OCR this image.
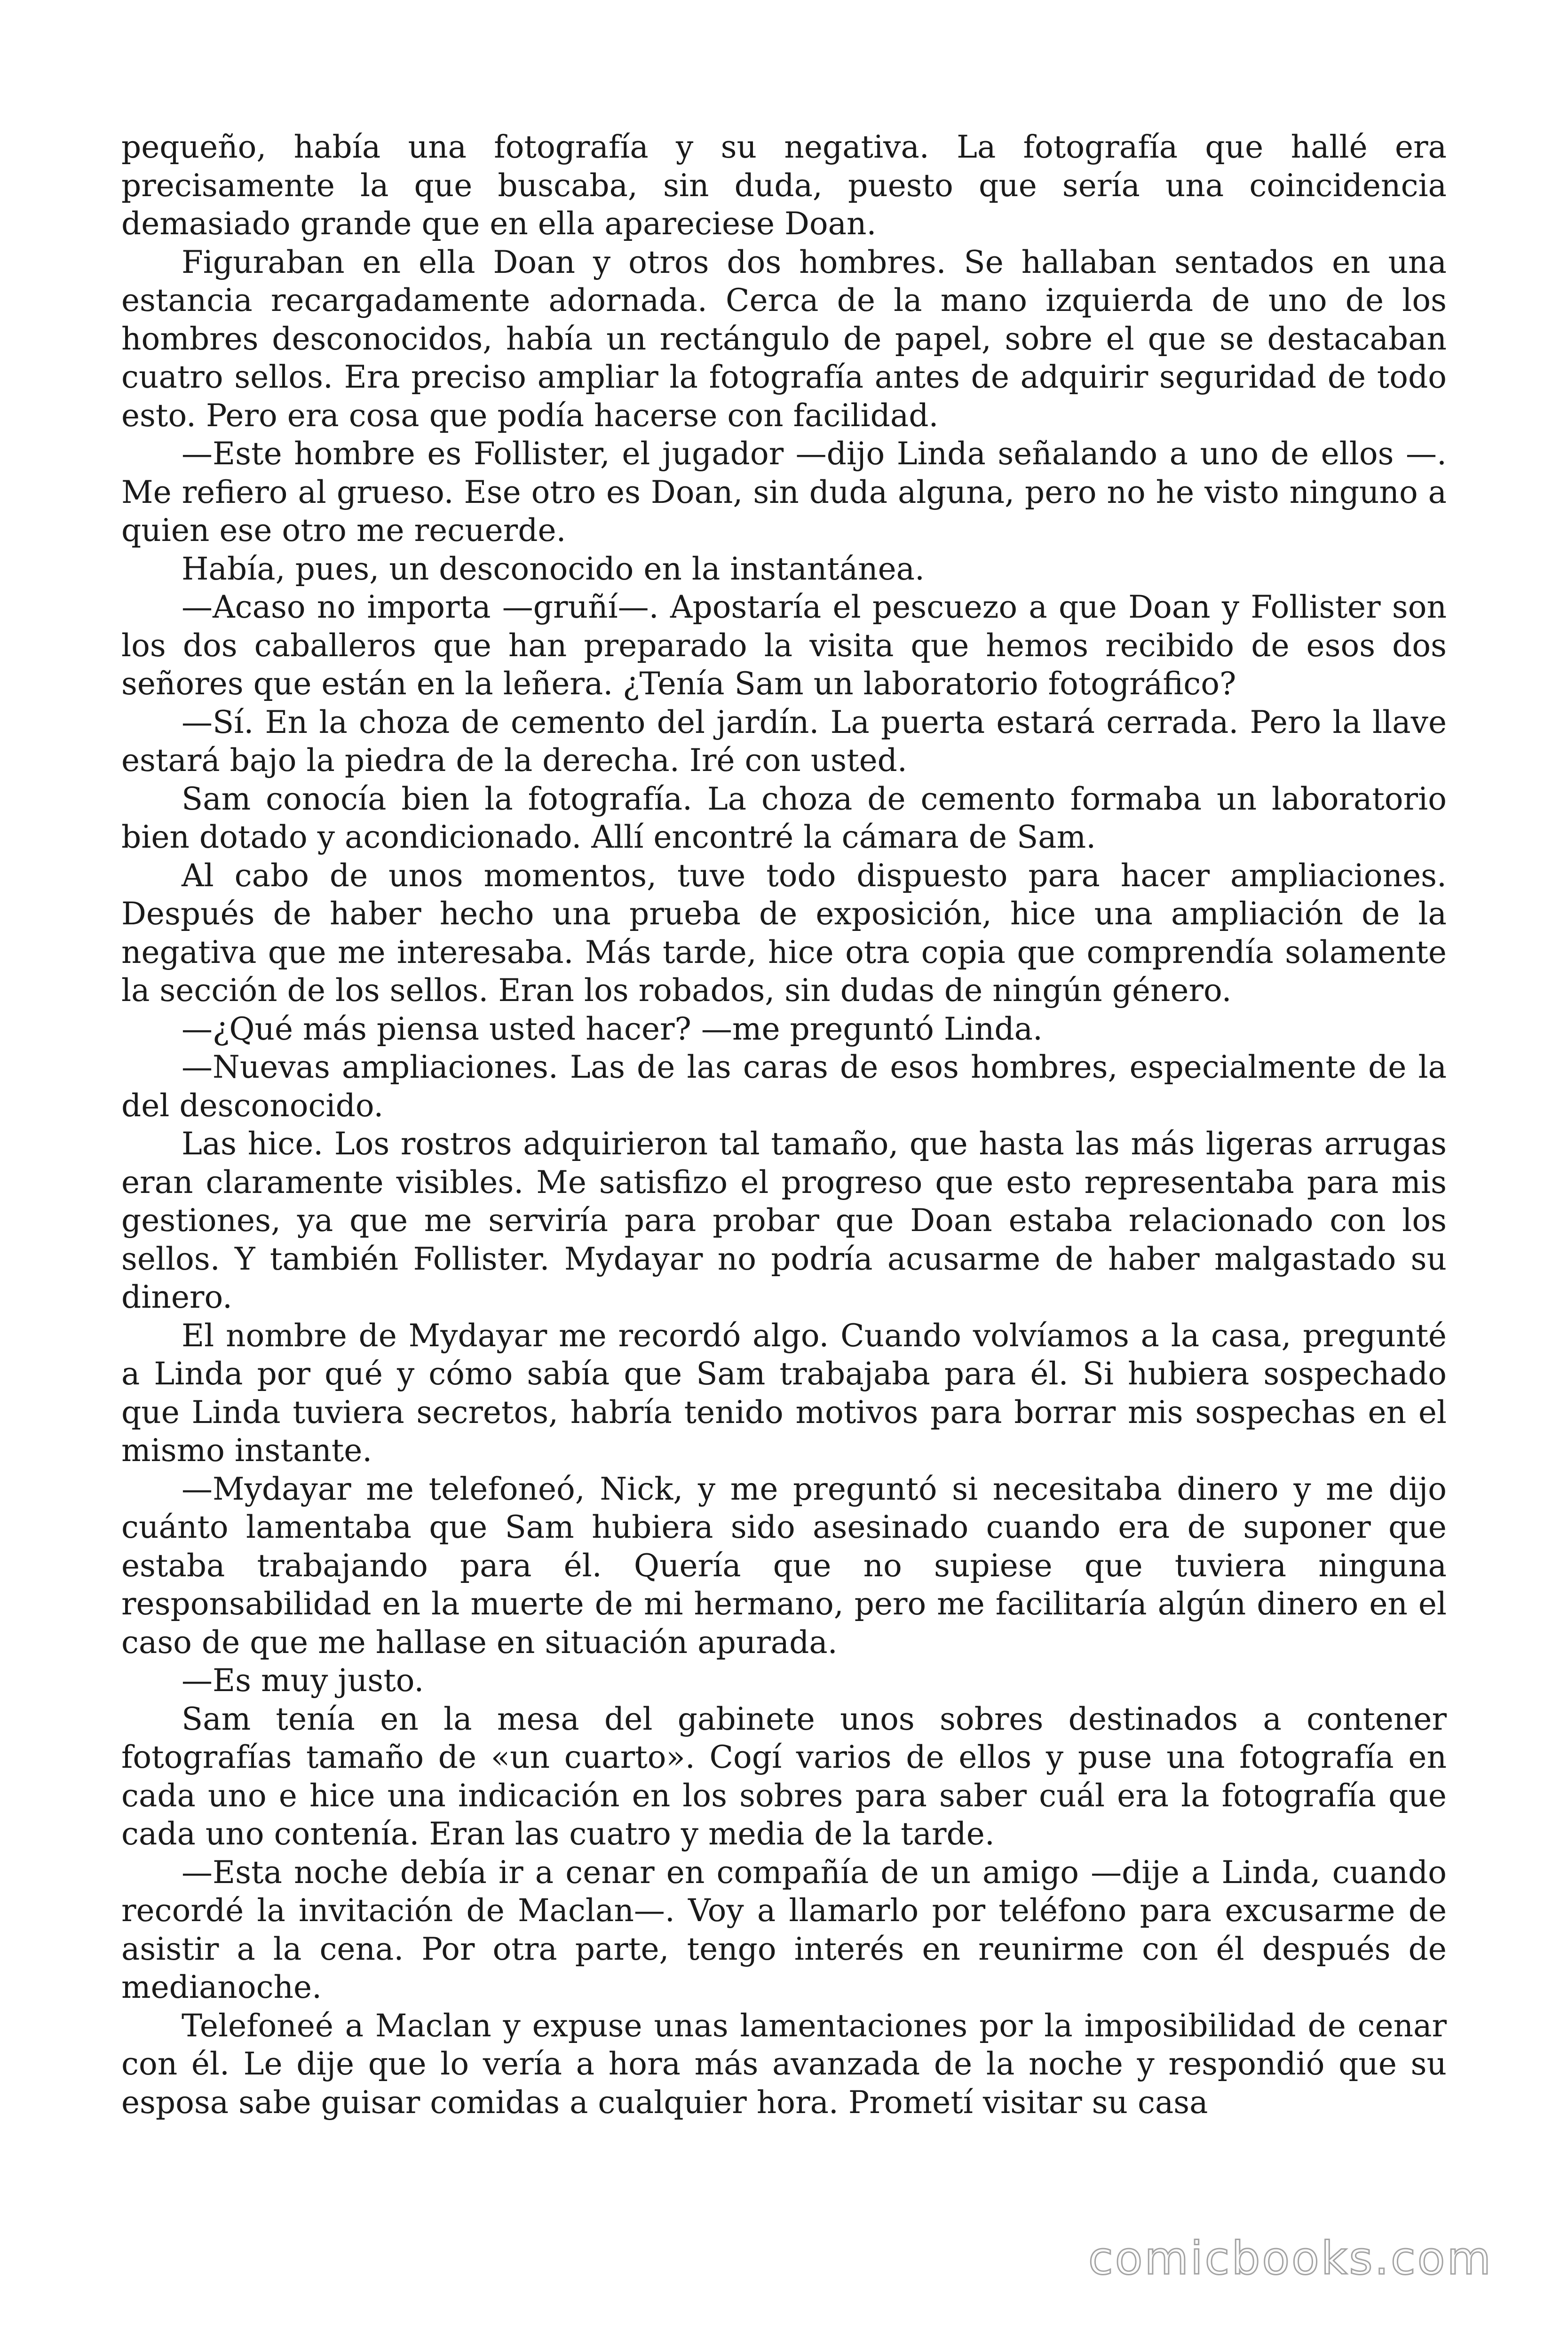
pequeño, había una fotografía y su negativa. La fotografía que hallé era precisamente la que buscaba, sin duda, puesto que sería una coincidencia demasiado grande que en ella apareciese Doan.

Figuraban en ella Doan y otros dos hombres. Se hallaban sentados en una estancia recargadamente adornada. Cerca de la mano izquierda de uno de los hombres desconocidos, había un rectángulo de papel, sobre el que se destacaban cuatro sellos. Era preciso ampliar la fotografía antes de adquirir seguridad de todo esto. Pero era cosa que podía hacerse con facilidad.

—Este hombre es Follister, el jugador —dijo Linda señalando a uno de ellos —. Me refiero al grueso. Ese otro es Doan, sin duda alguna, pero no he visto ninguno a quien ese otro me recuerde.

Había, pues, un desconocido en la instantánea.

—Acaso no importa —gruñí—. Apostaría el pescuezo a que Doan y Follister son los dos caballeros que han preparado la visita que hemos recibido de esos dos señores que están en la leñera. ¿Tenía Sam un laboratorio fotográfico?

—Sí. En la choza de cemento del jardín. La puerta estará cerrada. Pero la llave estará bajo la piedra de la derecha. Iré con usted.

Sam conocía bien la fotografía. La choza de cemento formaba un laboratorio bien dotado y acondicionado. Allí encontré la cámara de Sam.

Al cabo de unos momentos, tuve todo dispuesto para hacer ampliaciones. Después de haber hecho una prueba de exposición, hice una ampliación de la negativa que me interesaba. Más tarde, hice otra copia que comprendía solamente la sección de los sellos. Eran los robados, sin dudas de ningún género.

—¿Qué más piensa usted hacer? —me preguntó Linda.

—Nuevas ampliaciones. Las de las caras de esos hombres, especialmente de la del desconocido.

Las hice. Los rostros adquirieron tal tamaño, que hasta las más ligeras arrugas eran claramente visibles. Me satisfizo el progreso que esto representaba para mis gestiones, ya que me serviría para probar que Doan estaba relacionado con los sellos. Y también Follister. Mydayar no podría acusarme de haber malgastado su dinero.

El nombre de Mydayar me recordó algo. Cuando volvíamos a la casa, pregunté a Linda por qué y cómo sabía que Sam trabajaba para él. Si hubiera sospechado que Linda tuviera secretos, habría tenido motivos para borrar mis sospechas en el mismo instante.

—Mydayar me telefoneó, Nick, y me preguntó si necesitaba dinero y me dijo cuánto lamentaba que Sam hubiera sido asesinado cuando era de suponer que estaba trabajando para él. Quería que no supiese que tuviera ninguna responsabilidad en la muerte de mi hermano, pero me facilitaría algún dinero en el caso de que me hallase en situación apurada.

—Es muy justo.

Sam tenía en la mesa del gabinete unos sobres destinados a contener fotografías tamaño de «un cuarto». Cogí varios de ellos y puse una fotografía en cada uno e hice una indicación en los sobres para saber cuál era la fotografía que cada uno contenía. Eran las cuatro y media de la tarde.

—Esta noche debía ir a cenar en compañía de un amigo —dije a Linda, cuando recordé la invitación de Maclan—. Voy a llamarlo por teléfono para excusarme de asistir a la cena. Por otra parte, tengo interés en reunirme con él después de medianoche.

Telefoneé a Maclan y expuse unas lamentaciones por la imposibilidad de cenar con él. Le dije que lo vería a hora más avanzada de la noche y respondió que su esposa sabe guisar comidas a cualquier hora. Prometí visitar su casa

comicbooks.com
